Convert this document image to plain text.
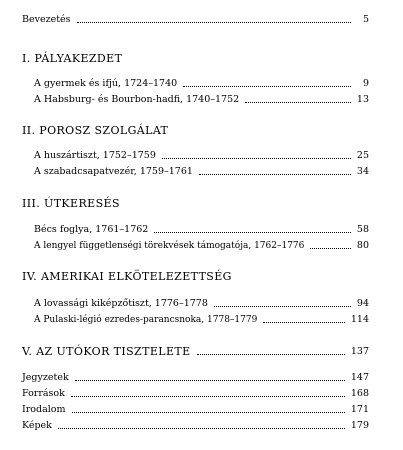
Bevezetés	5
I. PÁLYAKEZDET
A gyermek és ifjú, 1724–1740	9
A Habsburg- és Bourbon-hadfi, 1740–1752	13
II. POROSZ SZOLGÁLAT
A huszártiszt, 1752–1759	25
A szabadcsapatvezér, 1759–1761	34
III. ÚTKERESÉS
Bécs foglya, 1761–1762	58
A lengyel függetlenségi törekvések támogatója, 1762–1776	80
IV. AMERIKAI ELKÖTELEZETTSÉG
A lovassági kiképzőtiszt, 1776–1778	94
A Pulaski-légió ezredes-parancsnoka, 1778–1779	114
V. AZ UTÓKOR TISZTELETE	137
Jegyzetek	147
Források	168
Irodalom	171
Képek	179
